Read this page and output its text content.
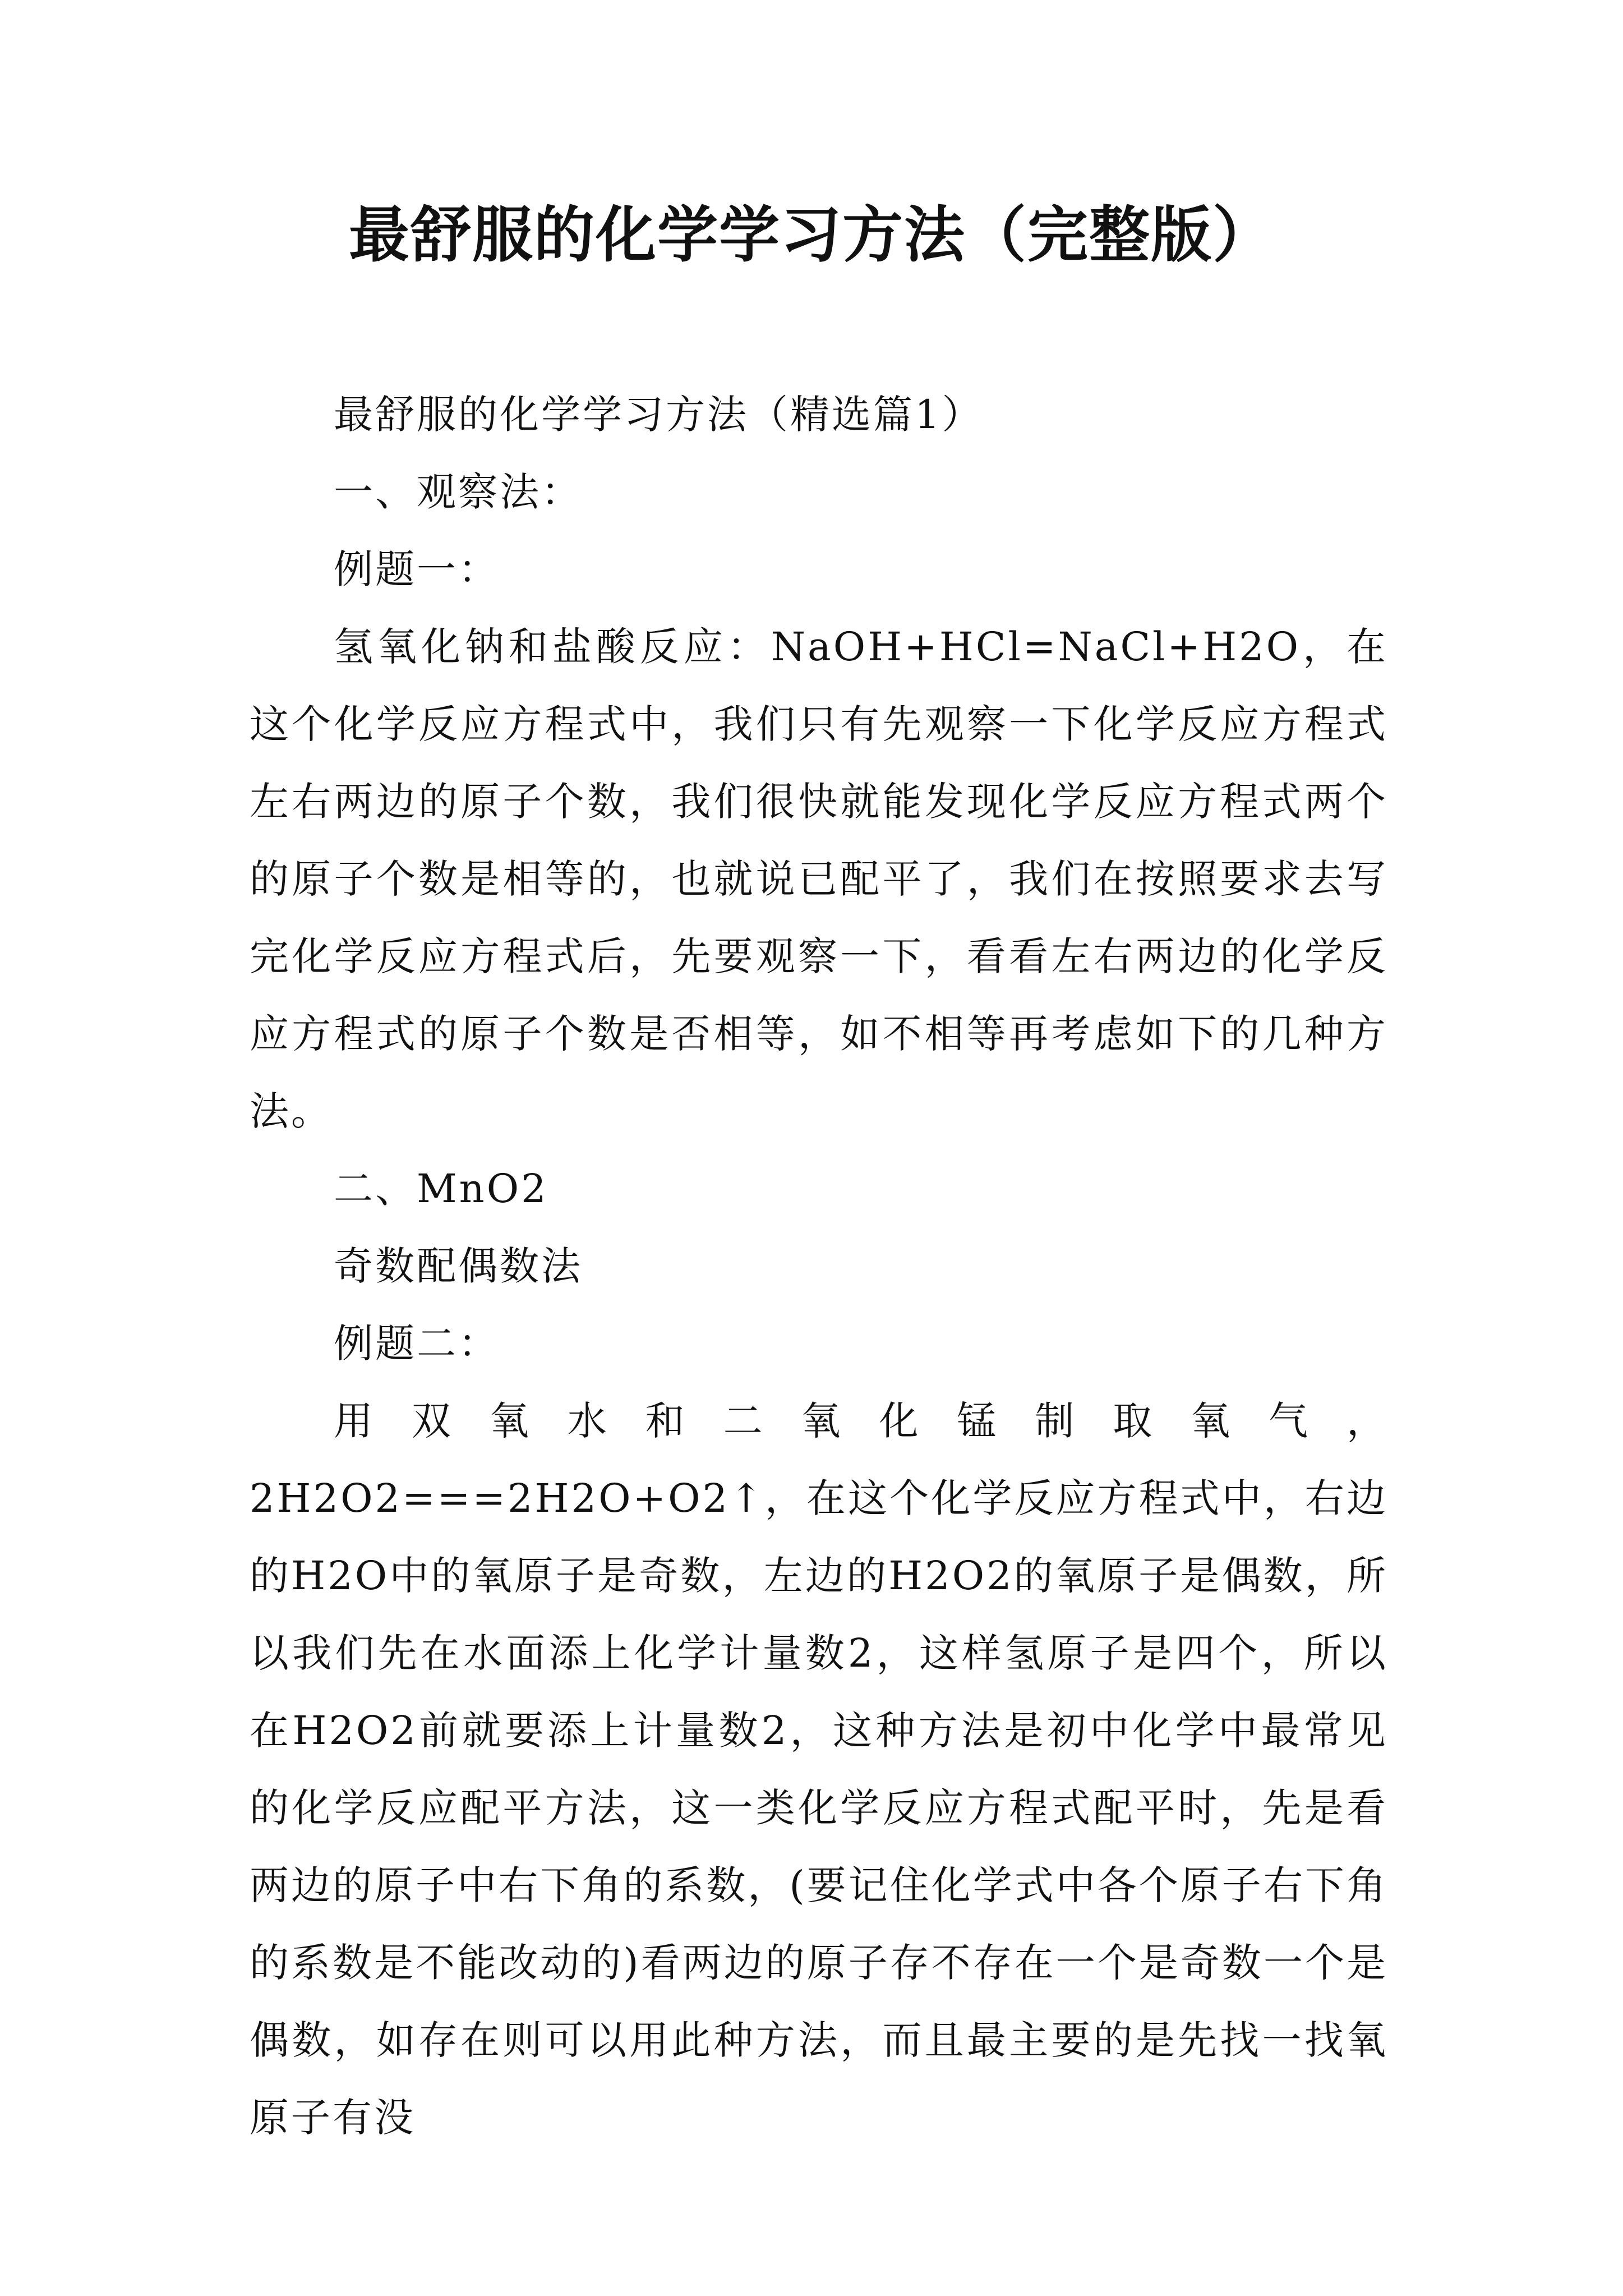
最舒服的化学学习方法（完整版）

最舒服的化学学习方法（精选篇1）

一、观察法：

例题一：

氢氧化钠和盐酸反应：NaOH+HCl=NaCl+H2O，在这个化学反应方程式中，我们只有先观察一下化学反应方程式左右两边的原子个数，我们很快就能发现化学反应方程式两个的原子个数是相等的，也就说已配平了，我们在按照要求去写完化学反应方程式后，先要观察一下，看看左右两边的化学反应方程式的原子个数是否相等，如不相等再考虑如下的几种方法。

二、MnO2

奇数配偶数法

例题二：

用双氧水和二氧化锰制取氧气，2H2O2===2H2O+O2↑，在这个化学反应方程式中，右边的H2O中的氧原子是奇数，左边的H2O2的氧原子是偶数，所以我们先在水面添上化学计量数2，这样氢原子是四个，所以在H2O2前就要添上计量数2，这种方法是初中化学中最常见的化学反应配平方法，这一类化学反应方程式配平时，先是看两边的原子中右下角的系数，(要记住化学式中各个原子右下角的系数是不能改动的)看两边的原子存不存在一个是奇数一个是偶数，如存在则可以用此种方法，而且最主要的是先找一找氧原子有没
